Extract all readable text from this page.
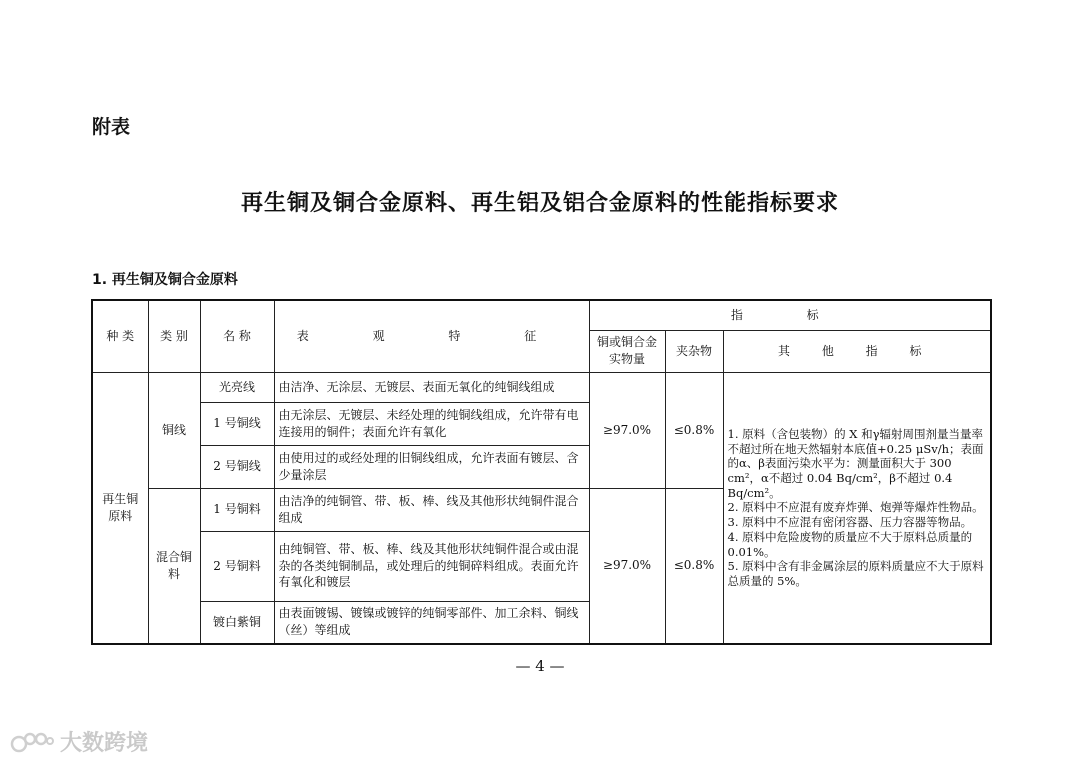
附表
再生铜及铜合金原料、再生铝及铝合金原料的性能指标要求
1. 再生铜及铜合金原料
种 类	类 别	名 称	表 观 特 征	指 标		
				铜或铜合金实物量	夹杂物	其 他 指 标
再生铜原料	铜线	光亮线	由洁净、无涂层、无镀层、表面无氧化的纯铜线组成	≥97.0%	≤0.8%	1. 原料（含包装物）的 X 和γ辐射周围剂量当量率不超过所在地天然辐射本底值+0.25 μSv/h；表面的α、β表面污染水平为：测量面积大于 300 cm²，α不超过 0.04 Bq/cm²，β不超过 0.4 Bq/cm²。
2. 原料中不应混有废弃炸弹、炮弹等爆炸性物品。
3. 原料中不应混有密闭容器、压力容器等物品。
4. 原料中危险废物的质量应不大于原料总质量的 0.01%。
5. 原料中含有非金属涂层的原料质量应不大于原料总质量的 5%。

		1 号铜线	由无涂层、无镀层、未经处理的纯铜线组成，允许带有电连接用的铜件；表面允许有氧化			
		2 号铜线	由使用过的或经处理的旧铜线组成，允许表面有镀层、含少量涂层			
	混合铜料	1 号铜料	由洁净的纯铜管、带、板、棒、线及其他形状纯铜件混合组成	≥97.0%	≤0.8%	
		2 号铜料	由纯铜管、带、板、棒、线及其他形状纯铜件混合或由混杂的各类纯铜制品，或处理后的纯铜碎料组成。表面允许有氧化和镀层			
		镀白紫铜	由表面镀锡、镀镍或镀锌的纯铜零部件、加工余料、铜线（丝）等组成			
— 4 —
大数跨境
